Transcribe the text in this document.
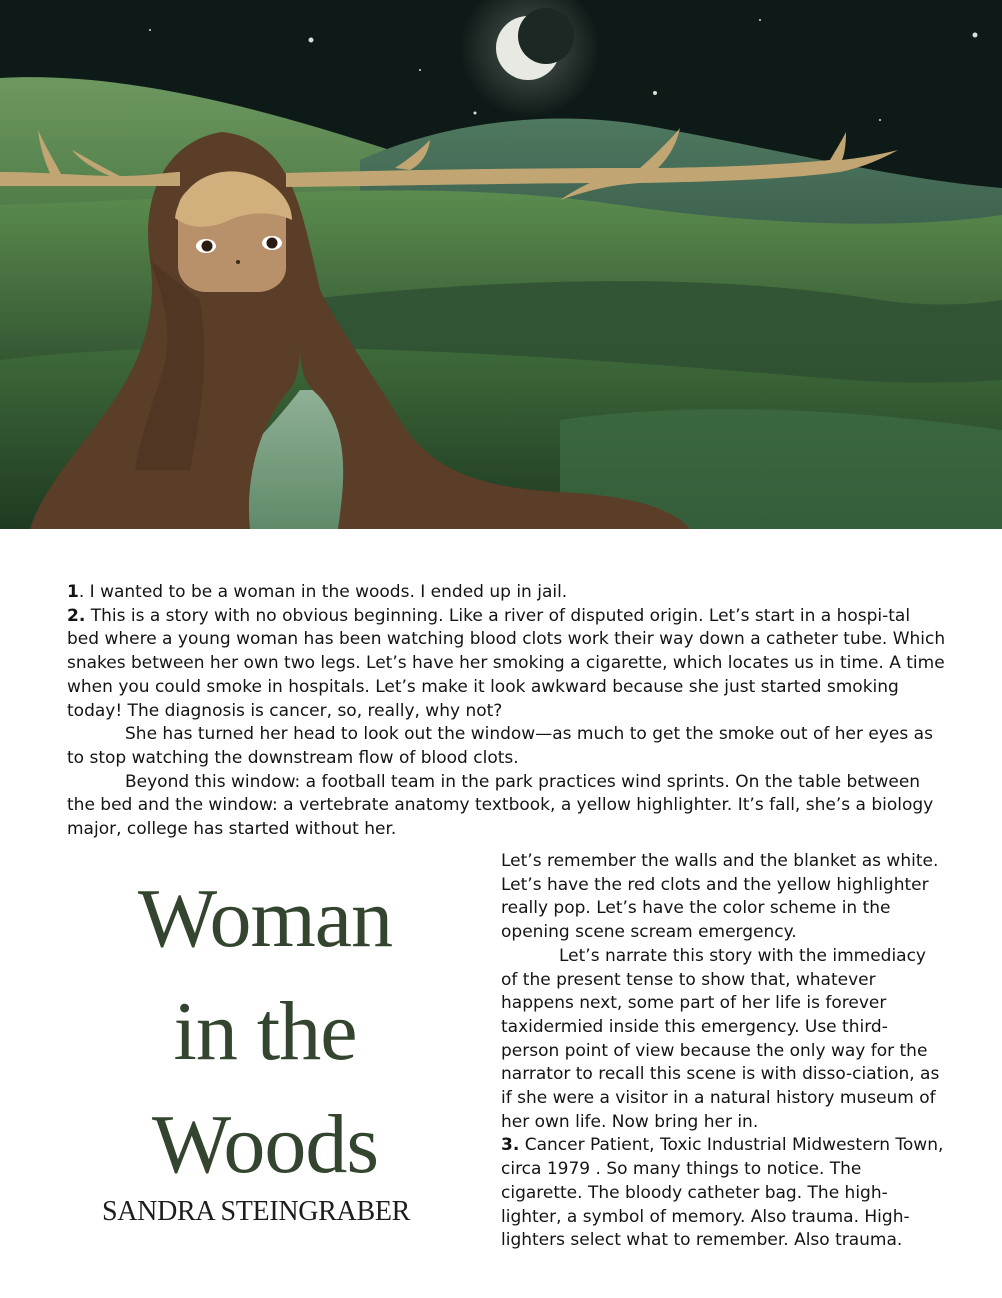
1. I wanted to be a woman in the woods. I ended up in jail.
2. This is a story with no obvious beginning. Like a river of disputed origin. Let’s start in a hospi-tal bed where a young woman has been watching blood clots work their way down a catheter tube. Which snakes between her own two legs. Let’s have her smoking a cigarette, which locates us in time. A time when you could smoke in hospitals. Let’s make it look awkward because she just started smoking today! The diagnosis is cancer, so, really, why not?
She has turned her head to look out the window—as much to get the smoke out of her eyes as to stop watching the downstream flow of blood clots.
Beyond this window: a football team in the park practices wind sprints. On the table between the bed and the window: a vertebrate anatomy textbook, a yellow highlighter. It’s fall, she’s a biology major, college has started without her.
Woman
in the
Woods

SANDRA STEINGRABER

Let’s remember the walls and the blanket as white. Let’s have the red clots and the yellow highlighter really pop. Let’s have the color scheme in the opening scene scream emergency.
Let’s narrate this story with the immediacy of the present tense to show that, whatever happens next, some part of her life is forever taxidermied inside this emergency. Use third-person point of view because the only way for the narrator to recall this scene is with disso-ciation, as if she were a visitor in a natural history museum of her own life. Now bring her in.
3. Cancer Patient, Toxic Industrial Midwestern Town, circa 1979 . So many things to notice. The cigarette. The bloody catheter bag. The high-lighter, a symbol of memory. Also trauma. High-lighters select what to remember. Also trauma.
